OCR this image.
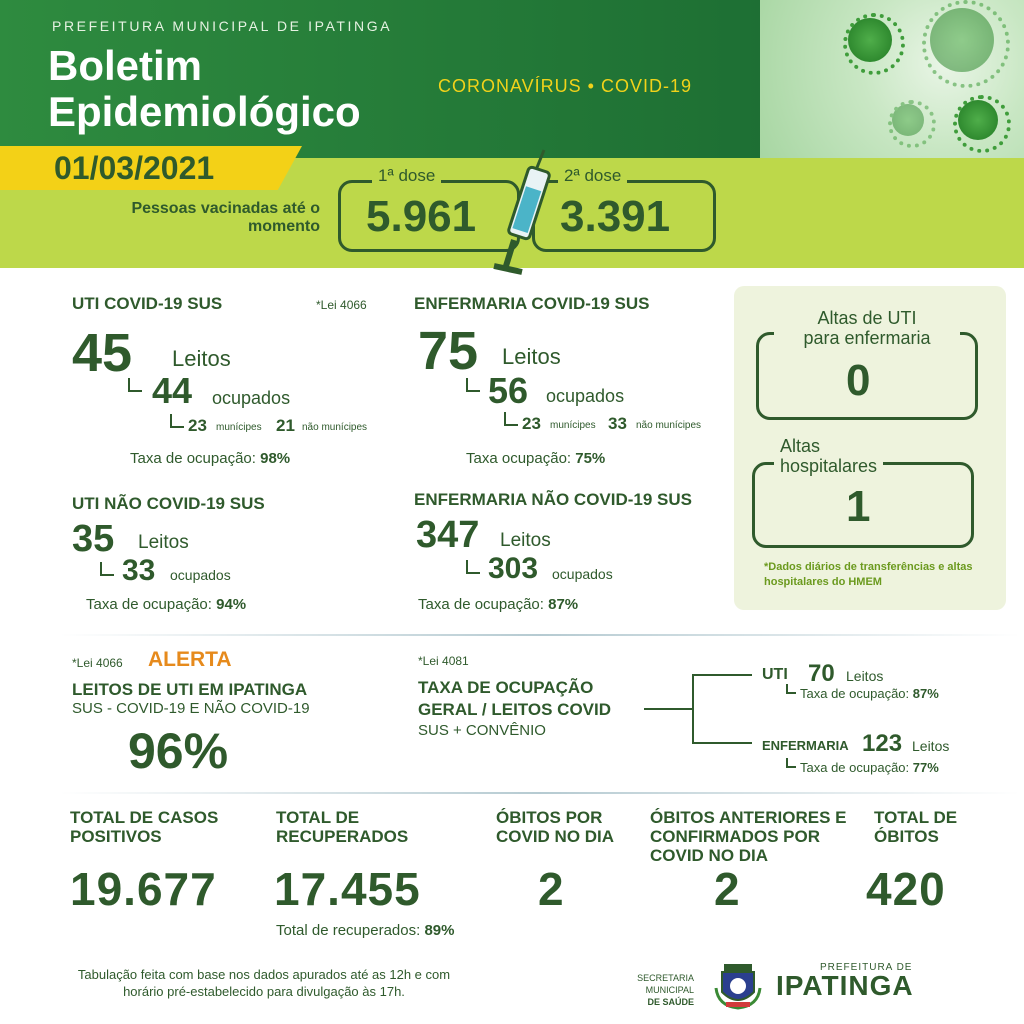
PREFEITURA MUNICIPAL DE IPATINGA
Boletim
Epidemiológico
CORONAVÍRUS • COVID-19
01/03/2021
Pessoas vacinadas até o momento
1ª dose
5.961
2ª dose
3.391
UTI COVID-19 SUS	*Lei 4066
45 Leitos
44 ocupados
23 munícipes 21 não munícipes
Taxa de ocupação: 98%
ENFERMARIA COVID-19 SUS
75 Leitos
56 ocupados
23 munícipes 33 não munícipes
Taxa ocupação: 75%
UTI NÃO COVID-19 SUS
35 Leitos
33 ocupados
Taxa de ocupação: 94%
ENFERMARIA NÃO COVID-19 SUS
347 Leitos
303 ocupados
Taxa de ocupação: 87%
Altas de UTI
para enfermaria
0
Altas
hospitalares
1
*Dados diários de transferências e altas hospitalares do HMEM
*Lei 4066 ALERTA
LEITOS DE UTI EM IPATINGA
SUS - COVID-19 E NÃO COVID-19
96%
*Lei 4081
TAXA DE OCUPAÇÃO
GERAL / LEITOS COVID
SUS + CONVÊNIO
UTI 70 Leitos
Taxa de ocupação: 87%
ENFERMARIA 123 Leitos
Taxa de ocupação: 77%
TOTAL DE CASOS POSITIVOS
19.677
TOTAL DE RECUPERADOS
17.455
Total de recuperados: 89%
ÓBITOS POR COVID NO DIA
2
ÓBITOS ANTERIORES E CONFIRMADOS POR COVID NO DIA
2
TOTAL DE ÓBITOS
420
Tabulação feita com base nos dados apurados até as 12h e com horário pré-estabelecido para divulgação às 17h.
SECRETARIA MUNICIPAL
DE SAÚDE
PREFEITURA DE
IPATINGA
